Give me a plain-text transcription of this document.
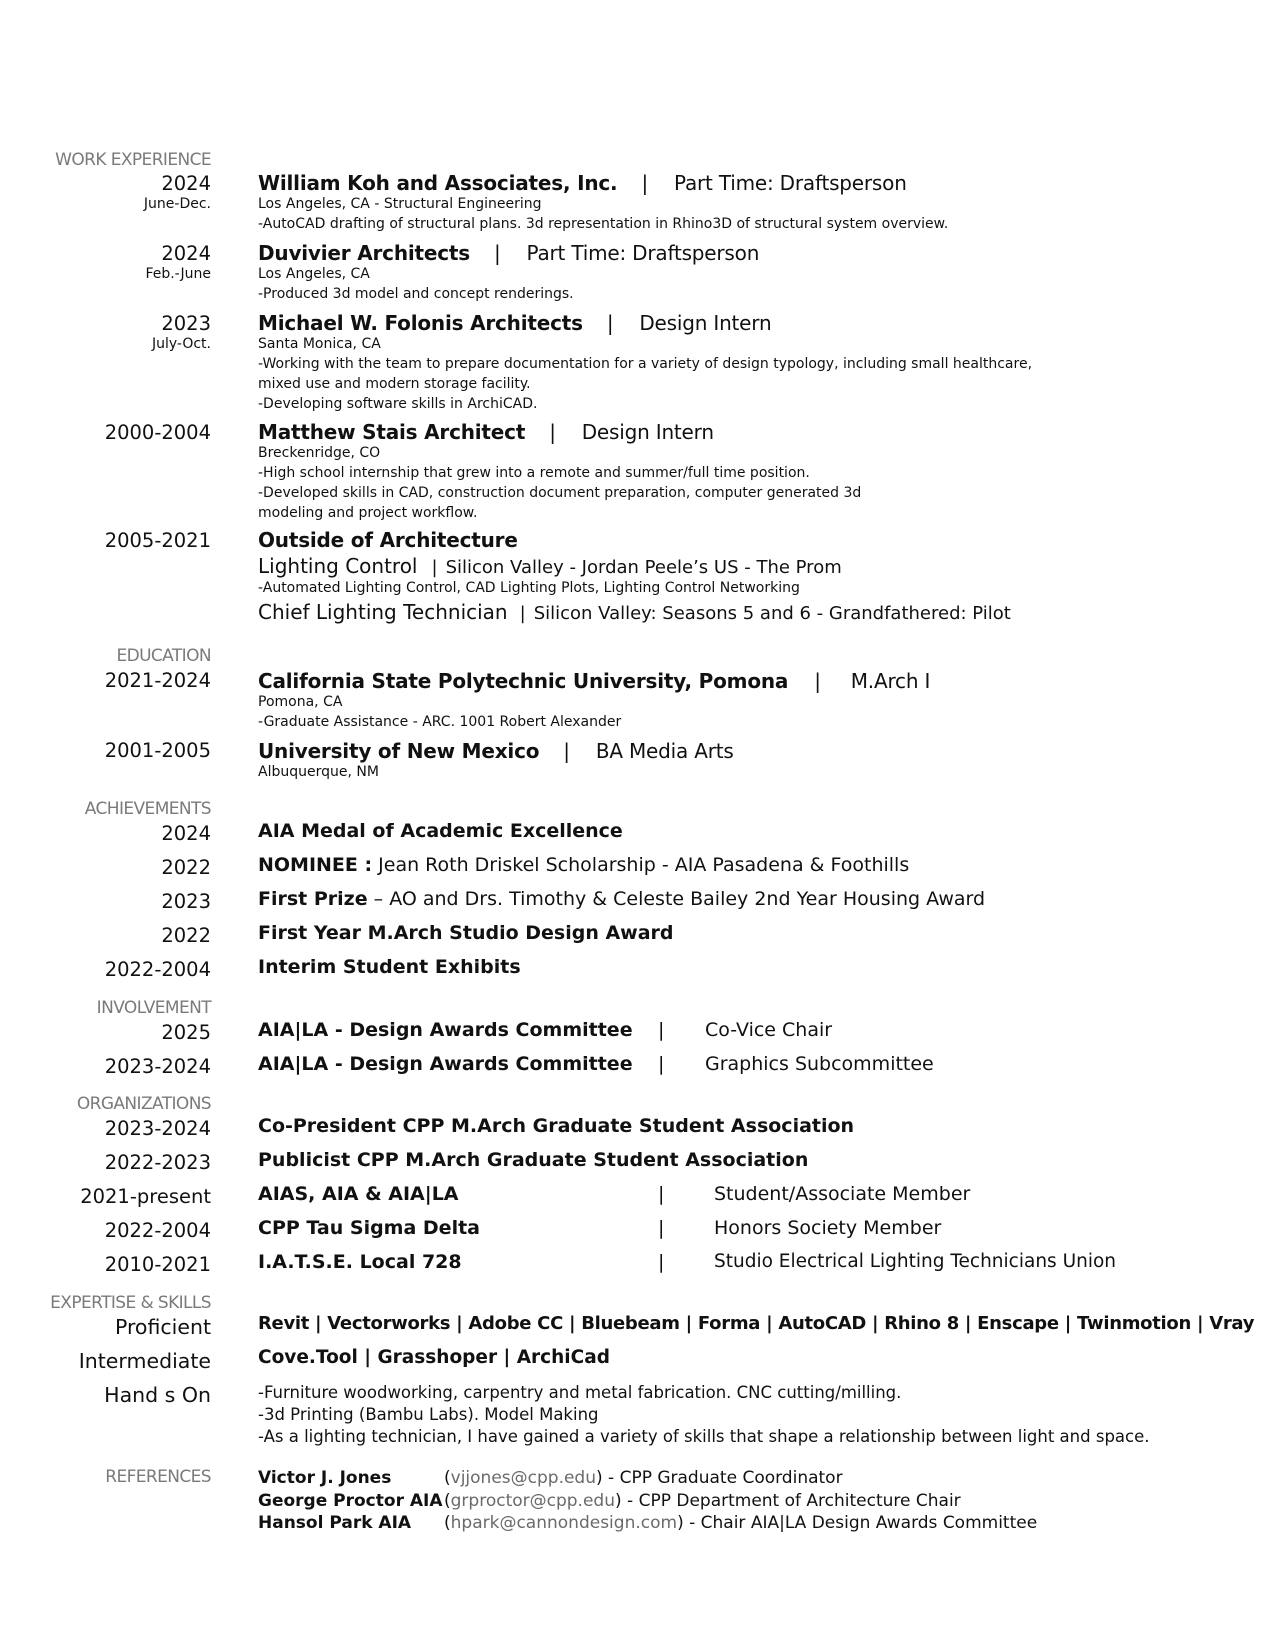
WORK EXPERIENCE
2024
June-Dec.
William Koh and Associates, Inc. | Part Time: Draftsperson
Los Angeles, CA - Structural Engineering
-AutoCAD drafting of structural plans. 3d representation in Rhino3D of structural system overview.
2024
Feb.-June
Duvivier Architects | Part Time: Draftsperson
Los Angeles, CA
-Produced 3d model and concept renderings.
2023
July-Oct.
Michael W. Folonis Architects | Design Intern
Santa Monica, CA
-Working with the team to prepare documentation for a variety of design typology, including small healthcare,
mixed use and modern storage facility.
-Developing software skills in ArchiCAD.
2000-2004 Matthew Stais Architect | Design Intern
Breckenridge, CO
-High school internship that grew into a remote and summer/full time position.
-Developed skills in CAD, construction document preparation, computer generated 3d
modeling and project workflow.
2005-2021 Outside of Architecture
Lighting Control | Silicon Valley - Jordan Peele’s US - The Prom
-Automated Lighting Control, CAD Lighting Plots, Lighting Control Networking
Chief Lighting Technician | Silicon Valley: Seasons 5 and 6 - Grandfathered: Pilot
EDUCATION
2021-2024 California State Polytechnic University, Pomona | M.Arch I
Pomona, CA
-Graduate Assistance - ARC. 1001 Robert Alexander
2001-2005 University of New Mexico | BA Media Arts
Albuquerque, NM
ACHIEVEMENTS
2024 AIA Medal of Academic Excellence
2022 NOMINEE : Jean Roth Driskel Scholarship - AIA Pasadena & Foothills
2023 First Prize – AO and Drs. Timothy & Celeste Bailey 2nd Year Housing Award
2022 First Year M.Arch Studio Design Award
2022-2004 Interim Student Exhibits
INVOLVEMENT
2025 AIA|LA - Design Awards Committee | Co-Vice Chair
2023-2024 AIA|LA - Design Awards Committee | Graphics Subcommittee
ORGANIZATIONS
2023-2024 Co-President CPP M.Arch Graduate Student Association
2022-2023 Publicist CPP M.Arch Graduate Student Association
2021-present AIAS, AIA & AIA|LA	|	Student/Associate Member
2022-2004 CPP Tau Sigma Delta	|	Honors Society Member
2010-2021 I.A.T.S.E. Local 728	|	Studio Electrical Lighting Technicians Union
EXPERTISE & SKILLS
Proficient	Revit | Vectorworks | Adobe CC | Bluebeam | Forma | AutoCAD | Rhino 8 | Enscape | Twinmotion | Vray
Intermediate	Cove.Tool | Grasshoper | ArchiCad
Hand s On	-Furniture woodworking, carpentry and metal fabrication. CNC cutting/milling.
-3d Printing (Bambu Labs). Model Making
-As a lighting technician, I have gained a variety of skills that shape a relationship between light and space.
REFERENCES	Victor J. Jones	(vjjones@cpp.edu) - CPP Graduate Coordinator
George Proctor AIA(grproctor@cpp.edu) - CPP Department of Architecture Chair
Hansol Park AIA (hpark@cannondesign.com) - Chair AIA|LA Design Awards Committee
